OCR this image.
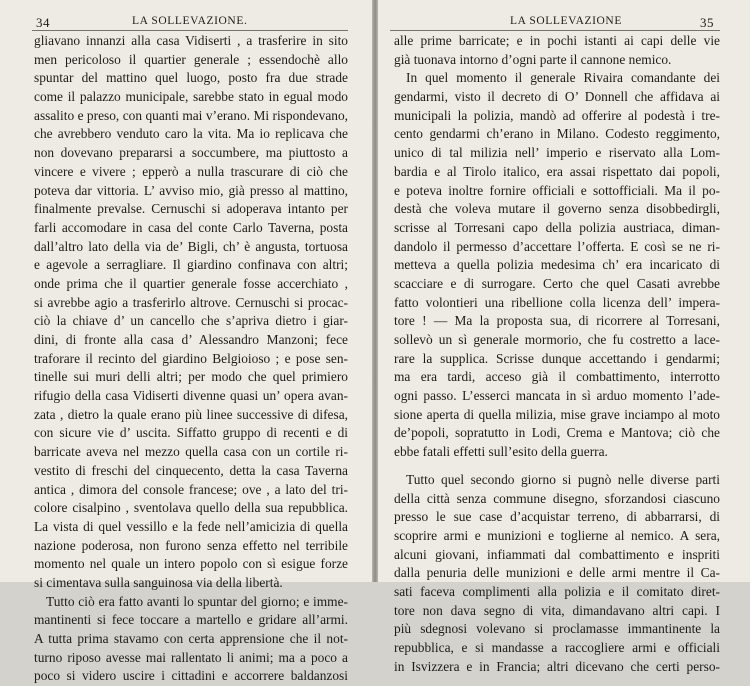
34	LA SOLLEVAZIONE.
gliavano innanzi alla casa Vidiserti , a trasferire in sito
men pericoloso il quartier generale ; essendochè allo
spuntar del mattino quel luogo, posto fra due strade
come il palazzo municipale, sarebbe stato in egual modo
assalito e preso, con quanti mai v’erano. Mi rispondevano,
che avrebbero venduto caro la vita. Ma io replicava che
non dovevano prepararsi a soccumbere, ma piuttosto a
vincere e vivere ; epperò a nulla trascurare di ciò che
poteva dar vittoria. L’ avviso mio, già presso al mattino,
finalmente prevalse. Cernuschi si adoperava intanto per
farli accomodare in casa del conte Carlo Taverna, posta
dall’altro lato della via de’ Bigli, ch’ è angusta, tortuosa
e agevole a serragliare. Il giardino confinava con altri;
onde prima che il quartier generale fosse accerchiato ,
si avrebbe agio a trasferirlo altrove. Cernuschi si procac-
ciò la chiave d’ un cancello che s’apriva dietro i giar-
dini, di fronte alla casa d’ Alessandro Manzoni; fece
traforare il recinto del giardino Belgioioso ; e pose sen-
tinelle sui muri delli altri; per modo che quel primiero
rifugio della casa Vidiserti divenne quasi un’ opera avan-
zata , dietro la quale erano più linee successive di difesa,
con sicure vie d’ uscita. Siffatto gruppo di recenti e di
barricate aveva nel mezzo quella casa con un cortile ri-
vestito di freschi del cinquecento, detta la casa Taverna
antica , dimora del console francese; ove , a lato del tri-
colore cisalpino , sventolava quello della sua repubblica.
La vista di quel vessillo e la fede nell’amicizia di quella
nazione poderosa, non furono senza effetto nel terribile
momento nel quale un intero popolo con sì esigue forze
si cimentava sulla sanguinosa via della libertà.
Tutto ciò era fatto avanti lo spuntar del giorno; e imme-
mantinenti si fece toccare a martello e gridare all’armi.
A tutta prima stavamo con certa apprensione che il not-
turno riposo avesse mai rallentato li animi; ma a poco a
poco si videro uscire i cittadini e accorrere baldanzosi
LA SOLLEVAZIONE	35
alle prime barricate; e in pochi istanti ai capi delle vie
già tuonava intorno d’ogni parte il cannone nemico.
In quel momento il generale Rivaira comandante dei
gendarmi, visto il decreto di O’ Donnell che affidava ai
municipali la polizia, mandò ad offerire al podestà i tre-
cento gendarmi ch’erano in Milano. Codesto reggimento,
unico di tal milizia nell’ imperio e riservato alla Lom-
bardia e al Tirolo italico, era assai rispettato dai popoli,
e poteva inoltre fornire officiali e sottofficiali. Ma il po-
destà che voleva mutare il governo senza disobbedirgli,
scrisse al Torresani capo della polizia austriaca, diman-
dandolo il permesso d’accettare l’offerta. E così se ne ri-
metteva a quella polizia medesima ch’ era incaricato di
scacciare e di surrogare. Certo che quel Casati avrebbe
fatto volontieri una ribellione colla licenza dell’ impera-
tore ! — Ma la proposta sua, di ricorrere al Torresani,
sollevò un sì generale mormorio, che fu costretto a lace-
rare la supplica. Scrisse dunque accettando i gendarmi;
ma era tardi, acceso già il combattimento, interrotto
ogni passo. L’esserci mancata in sì arduo momento l’ade-
sione aperta di quella milizia, mise grave inciampo al moto
de’popoli, sopratutto in Lodi, Crema e Mantova; ciò che
ebbe fatali effetti sull’esito della guerra.
Tutto quel secondo giorno si pugnò nelle diverse parti
della città senza commune disegno, sforzandosi ciascuno
presso le sue case d’acquistar terreno, di abbarrarsi, di
scoprire armi e munizioni e toglierne al nemico. A sera,
alcuni giovani, infiammati dal combattimento e inspriti
dalla penuria delle munizioni e delle armi mentre il Ca-
sati faceva complimenti alla polizia e il comitato diret-
tore non dava segno di vita, dimandavano altri capi. I
più sdegnosi volevano si proclamasse immantinente la
repubblica, e si mandasse a raccogliere armi e officiali
in Isvizzera e in Francia; altri dicevano che certi perso-
